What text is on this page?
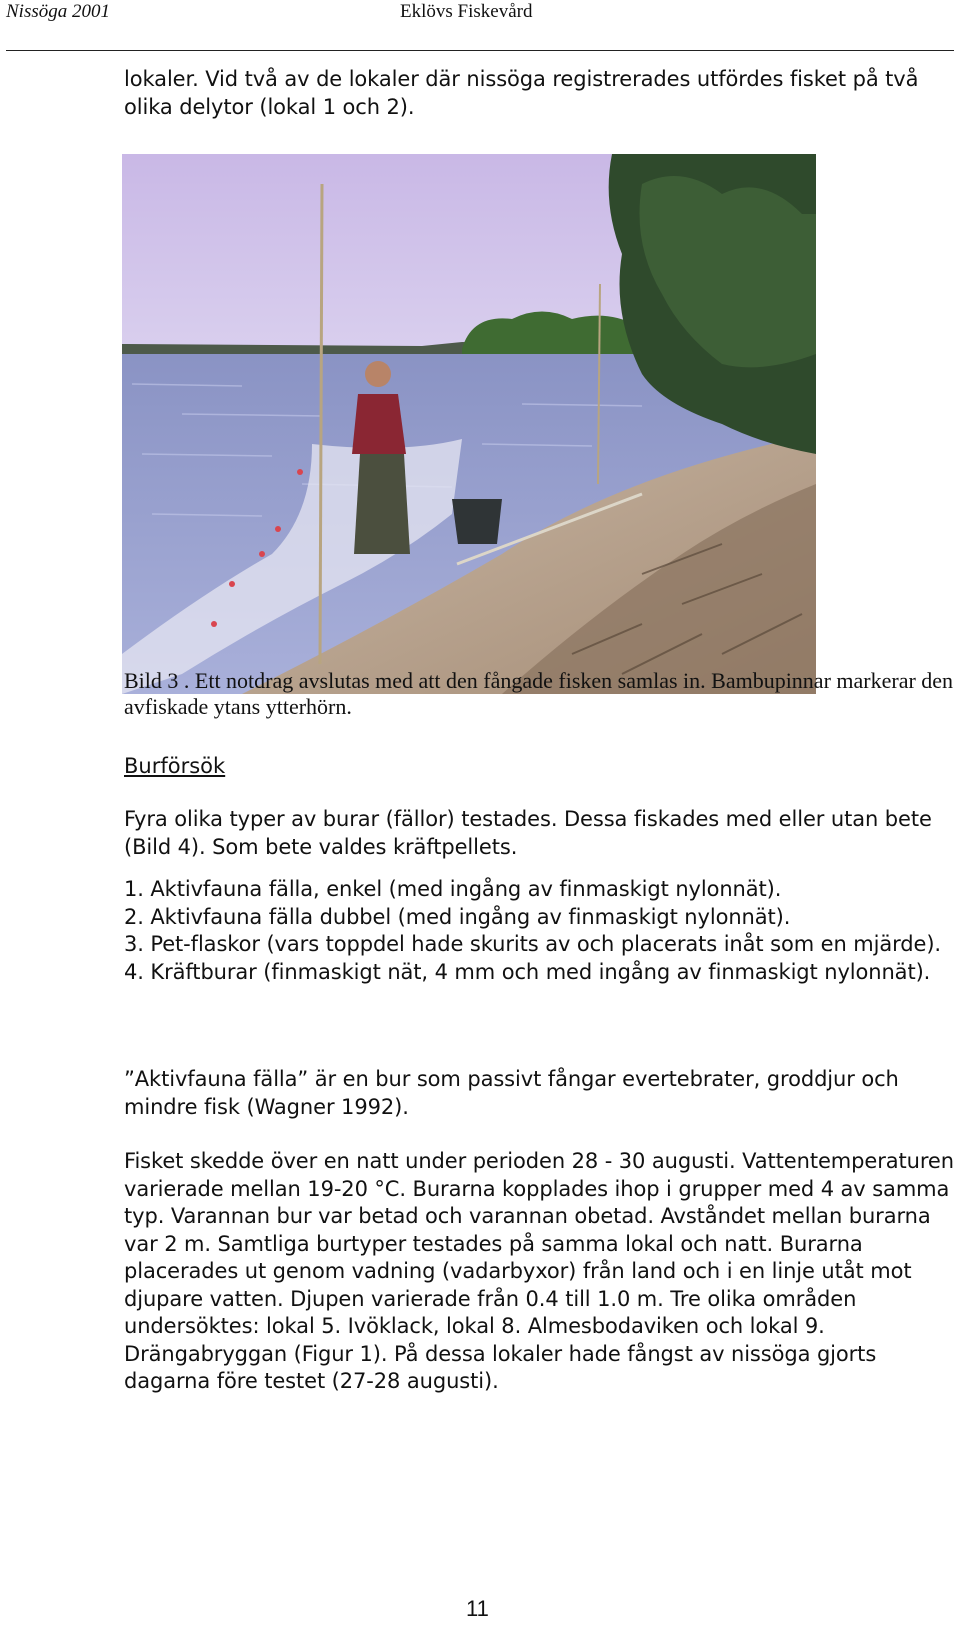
Nissöga 2001	Eklövs Fiskevård
lokaler. Vid två av de lokaler där nissöga registrerades utfördes fisket på två olika delytor (lokal 1 och 2).
Bild 3 . Ett notdrag avslutas med att den fångade fisken samlas in. Bambupinnar markerar den avfiskade ytans ytterhörn.
Burförsök
Fyra olika typer av burar (fällor) testades. Dessa fiskades med eller utan bete (Bild 4). Som bete valdes kräftpellets.
1. Aktivfauna fälla, enkel (med ingång av finmaskigt nylonnät).
2. Aktivfauna fälla dubbel (med ingång av finmaskigt nylonnät).
3. Pet-flaskor (vars toppdel hade skurits av och placerats inåt som en mjärde).
4. Kräftburar (finmaskigt nät, 4 mm och med ingång av finmaskigt nylonnät).
”Aktivfauna fälla” är en bur som passivt fångar evertebrater, groddjur och mindre fisk (Wagner 1992).
Fisket skedde över en natt under perioden 28 - 30 augusti. Vattentemperaturen varierade mellan 19-20 °C. Burarna kopplades ihop i grupper med 4 av samma typ. Varannan bur var betad och varannan obetad. Avståndet mellan burarna var 2 m. Samtliga burtyper testades på samma lokal och natt. Burarna placerades ut genom vadning (vadarbyxor) från land och i en linje utåt mot djupare vatten. Djupen varierade från 0.4 till 1.0 m. Tre olika områden undersöktes: lokal 5. Ivöklack, lokal 8. Almesbodaviken och lokal 9. Drängabryggan (Figur 1). På dessa lokaler hade fångst av nissöga gjorts dagarna före testet (27-28 augusti).
11
